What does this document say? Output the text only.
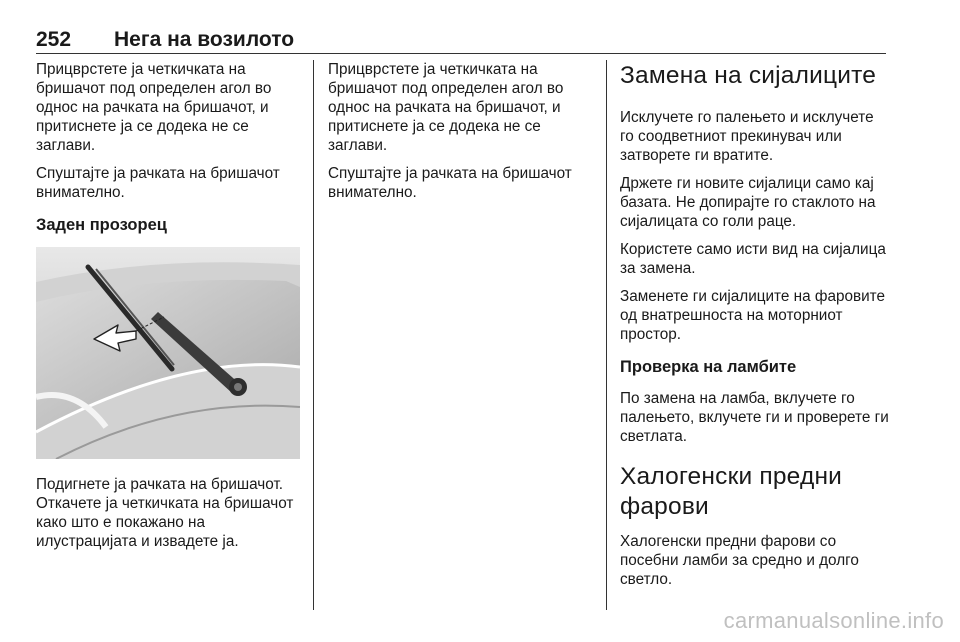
252 Нега на возилото

Прицврстете ја четкичката на бришачот под определен агол во однос на рачката на бришачот, и притиснете ја се додека не се заглави.

Спуштајте ја рачката на бришачот внимателно.

Заден прозорец

Подигнете ја рачката на бришачот. Откачете ја четкичката на бришачот како што е покажано на илустрацијата и извадете ја.

Прицврстете ја четкичката на бришачот под определен агол во однос на рачката на бришачот, и притиснете ја се додека не се заглави.

Спуштајте ја рачката на бришачот внимателно.

Замена на сијалиците

Исклучете го палењето и исклучете го соодветниот прекинувач или затворете ги вратите.

Држете ги новите сијалици само кај базата. Не допирајте го стаклото на сијалицата со голи раце.

Користете само исти вид на сијалица за замена.

Заменете ги сијалиците на фаровите од внатрешноста на моторниот простор.

Проверка на ламбите

По замена на ламба, вклучете го палењето, вклучете ги и проверете ги светлата.

Халогенски предни фарови

Халогенски предни фарови со посебни ламби за средно и долго светло.

carmanualsonline.info
